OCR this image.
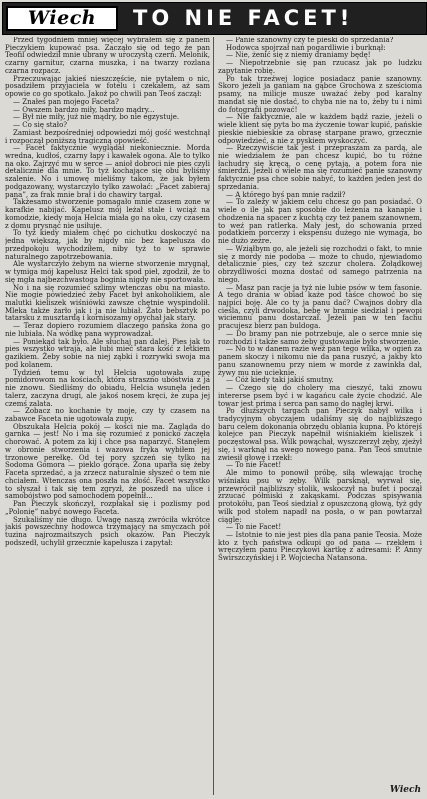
Wiech	TO NIE FACET!

Przed tygodniem mniej więcej wybrałem się z panem Pieczykiem kupować psa. Zacząło się od tego że pan Teofil odwiedził mnie ubrany w uroczystą czerń. Melonik, czarny garnitur, czarna muszka, i na twarzy rozlana czarna rozpacz.

Przeczuwając jakieś nieszczęście, nie pytałem o nic, posadziłem przyjaciela w fotelu i czekałem, aż sam opowie co go spotkało. Jakoż po chwili pan Teoś zaczął:

— Znałeś pan mojego Faceta?

— Owszem bardzo miły, bardzo mądry...

— Był nie miły, już nie mądry, bo nie egzystuje.

— Co się stało?

Zamiast bezpośredniej odpowiedzi mój gość westchnął i rozpoczął poniższą tragiczną opowieść.

— Facet faktycznie wyglądał niekoniecznie. Morda wredna, kudłoś, czarny łapy i kawałek ogona. Ale to tylko na oko. Zajrzyć mu w serce — anioł dobroci nie pies czyli detalicznie dla mnie. To tyż kochające się obu byliśmy szalenie. No i umowę mieliśmy takom, że jak byłem podgazowany, wystarczyło tylko zawołać: „Facet zabieraj pana”, za frak mnie brał i do chawiry targał.

Takżesamo stworzenie pomagało mnie czasem zone w karafkie nabijać. Kapelusz mój leżał stale i wciąż na komodzie, kiedy moja Helcia miała go na oku, czy czasem z domu prysnąć nie usiłuje.

To tyż kiedy miałem chęć po cichutku doskoczyć na jedna większą, jak by nigdy nic bez kapelusza do przedpokoju wychodziłem, niby tyż to w sprawie naturalnego zapotrzebowania.

Ale wystarczyło żebym na wierne stworzenie mrygnął, w tymiga mój kapelusz Helci tak spod pieł, zgodził, że to się mgła najbezchwastoga boginia nigdy nie sportowała.

No i na się rozumieć szlimy wtenczas obu na miasto. Nie mogie powiedzieć żeby Facet był ankoholikiem, ale malutki kieliszek wiśniówki zawsze chętnie wyspindolił. Mleka także żarło jak i ja nie lubiał. Zato bebsztyk po tatarsku z musztardą i kornisozamy opychał jak stary.

— Teraz dopiero rozumiem dlaczego pańska żona go nie lubiała. Na wódkę pana wyprowadzał.

— Poniekąd tak było. Ale słuchaj pan dalej. Pies jak to pies wszystko wtraja, ale lubi mieć stara kość z letkiem gazikiem. Żeby sobie na niej ząbki i rozrywki swoja ma pod kolanem.

Tydzień temu w tyl Helcia ugotowała zupę pomidorowom na kościach, która straszno ubóstwia z ja nie znowu. Siedliśmy do obiadu, Helcia wsunęła jeden talerz, zaczyna drugi, ale jakoś nosem kręci, że zupa jej czemś zalata.

— Zobacz no kochanie ty moje, czy ty czasem na zabawce Faceta nie ugotowała zupy.

Obszukała Helcia pokój — kości nie ma. Zagląda do garnka — jest! No i ma się rozumieć z ponicko zaczęła chorować. A potem za kij i chce psa naparzyć. Stanęłem w obronie stworzenia i wazowa fryka wybiłem jej trzonowe perełkę. Od tej pory szczeń się tylko na Sodoma Gomora — pieklo gorące. Żona uparła się żeby Faceta sprzedać, a ja zrzecz naturalnie słyszeć o tem nie chciałem. Wtenczas ona poszła na złość. Facet wszystko to słyszał i tak się tem zgryzł, że poszedł na ulice i samobójstwo pod samochodem popełnił...

Pan Pieczyk skończył, rozpłakał się i pozlismy pod „Polonię” nabyć nowego Faceta.

Szukaliśmy nie długo. Uwagę naszą zwróciła wkrótce jakiś powszechny hodowca trzymający na smyczach pół tuzina najrozmaitszych psich okazów. Pan Pieczyk podszedł, uchylił grzecznie kapelusza i zapytał:

— Panie szanowny czy te pieski do sprzedania?

Hodowca spojrzał nań pogardliwie i burknął:

— Nie, żenić się z niemy draniamy będę!

— Niepotrzebnie się pan rzucasz jak po ludzku zapytanie robię.

Po tak trzeźwej logice posiadacz panie szanowny. Skoro jeżeli ja ganiam na gąbce Grochowa z sześcioma psamy, na milicje musze uważać żeby pod karalny mandat się nie dostać, to chyba nie na to, żeby tu i nimi do fotografii pozować!

— Nie faktycznie, ale w każdem bądź razie, jeżeli o wiele klient się pyta bo ma życzenie towar kupić, pańskie pieskie niebieskie za obrasę starpane prawo, grzecznie odpowiedzieć, a nie z pyskiem wyskoczyć.

— Rzeczywiście tak jest i przepraszam za pardą, ale nie wiedziałem że pan chcesz kupić, bo tu różne łachudry się kręcą, o cenę pytają, a potem fora nie śmierdzi. Jeżeli o wiele ma się rozumieć panie szanowny faktycznie psa chce sobie nabyć, to każden jeden jest do sprzedania.

— A którego byś pan mnie radził?

— To zależy w jakiem celu chcesz go pan posiadać. O wiele o ile jak pan sposobie do leżenia na kanapie i chodzenia na spacer z kuchtą czy też panem szanownem, to weź pan ratlerka. Mały jest, do schowania przed podatkiem porcerzy i ekspensu dużego nie wymaga, bo nie dużo zeżre.

— Wziąłbym go, ale jeżeli się rozchodzi o fakt, to mnie się z mordy nie podoba — może to chudo, niewiadomo detalicznie pies, czy też szczur cholera. Żołądkowej obrzydliwości mozna dostać od samego patrzenia na niego.

— Masz pan racje ja tyż nie lubie psów w tem fasonie. A tego drania w obiad każe pod taśce chowoć bo się najpici boję. Ale co ty ja panu dać? Cwajnos dobry dla cieśla, czyli drwodoka, bebę w bramie siedział i pewopi wiciemnu panu dostarczał. Jeżeli pan w ten fachu pracujesz bierz pan buldoga.

— Do bramy pan nie potrzebuje, ale o serce mnie się rozchodzi i także samo żeby gustowanie było stworzenie.

— No to w danem razie weź pan tego wilka, w ogień za panem skoczy i nikomu nie da pana ruszyć, a jakby kto panu szanownemu przy niem w morde z zawinkła dał, żywy mu nie ucieknie.

— Cóż kiedy taki jakiś smutny.

— Czego się do cholery ma cieszyć, taki znowu intererse psem być i w kagańcu całe życie chodzić. Ale towar jest prima i serca pan samo do nagłej krwi.

Po dłuższych targach pan Pieczyk nabył wilka i tradycyjnym obyczajem udaliśmy się do najbliższego baru celem dokonania obrzędu oblania kupna. Po którejś kolejce pan Pieczyk napełnił wiśniakiem kieliszek i poczęstował psa. Wilk powąchał, wyszczerzył zęby, zjeżył się, i warknął na swego nowego pana. Pan Teoś smutnie zwiesił głowę i rzekł:

— To nie Facet!

Ale mimo to ponowił próbę, siłą wlewając trochę wiśniaku psu w zęby. Wilk parsknął, wyrwał się, przewrócił najbliższy stolik, wskoczył na bufet i począł zrzucać półmiski z zakąskami. Podczas spisywania protokółu, pan Teoś siedział z opuszczoną głową, tyż gdy wilk pod stołem napadł na posła, o w pan powtarzał ciągle:

— To nie Facet!

— Istotnie to nie jest pies dla pana panie Teosia. Może kto z tych państwa odkupi go od pana — rzekłem i wręczyłem panu Pieczykowi kartkę z adresami: P. Anny Świrszczyńskiej i P. Wojciecha Natansona.

Wiech
